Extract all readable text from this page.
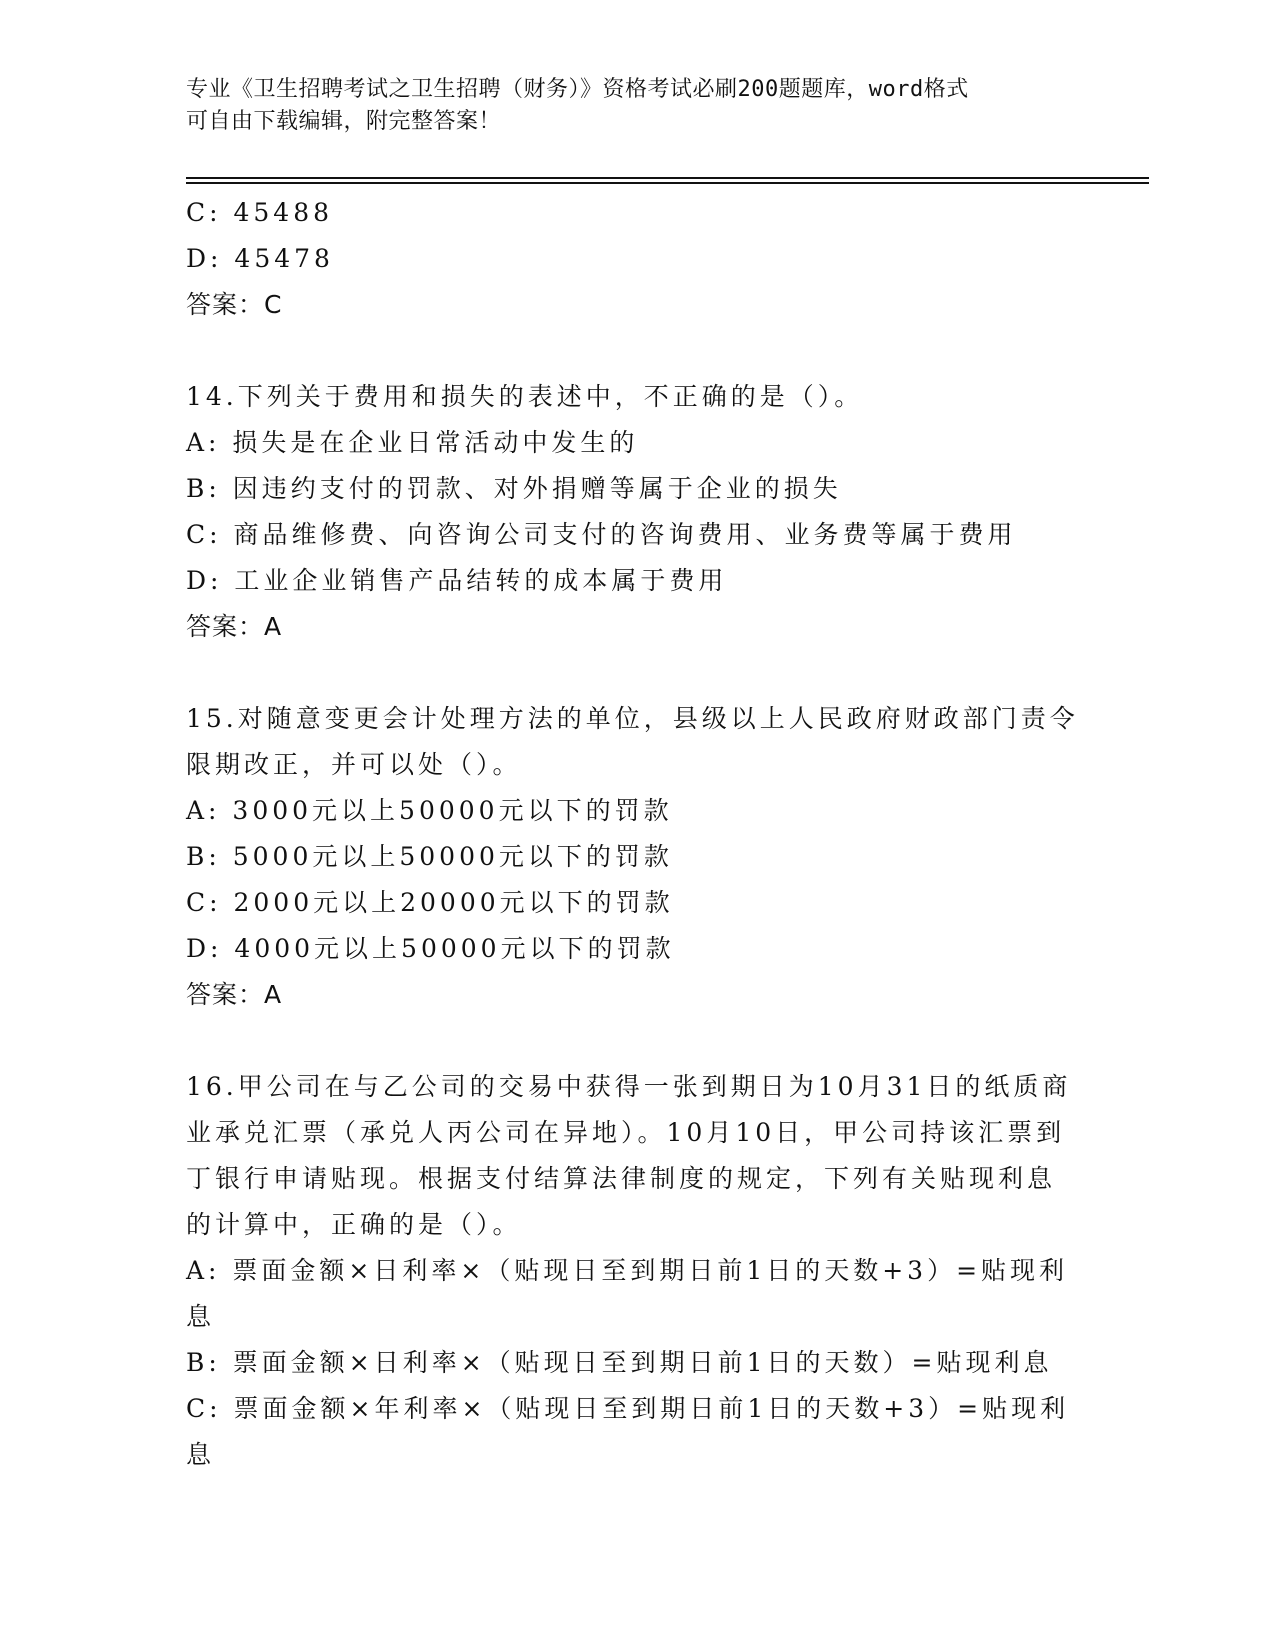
专业《卫生招聘考试之卫生招聘（财务）》资格考试必刷200题题库，word格式
可自由下载编辑，附完整答案！
C: 45488
D: 45478
答案：C
14.下列关于费用和损失的表述中，不正确的是（）。
A: 损失是在企业日常活动中发生的
B: 因违约支付的罚款、对外捐赠等属于企业的损失
C: 商品维修费、向咨询公司支付的咨询费用、业务费等属于费用
D: 工业企业销售产品结转的成本属于费用
答案：A
15.对随意变更会计处理方法的单位，县级以上人民政府财政部门责令
限期改正，并可以处（）。
A: 3000元以上50000元以下的罚款
B: 5000元以上50000元以下的罚款
C: 2000元以上20000元以下的罚款
D: 4000元以上50000元以下的罚款
答案：A
16.甲公司在与乙公司的交易中获得一张到期日为10月31日的纸质商
业承兑汇票（承兑人丙公司在异地）。10月10日，甲公司持该汇票到
丁银行申请贴现。根据支付结算法律制度的规定，下列有关贴现利息
的计算中，正确的是（）。
A: 票面金额×日利率×（贴现日至到期日前1日的天数+3）=贴现利
息
B: 票面金额×日利率×（贴现日至到期日前1日的天数）=贴现利息
C: 票面金额×年利率×（贴现日至到期日前1日的天数+3）=贴现利
息
